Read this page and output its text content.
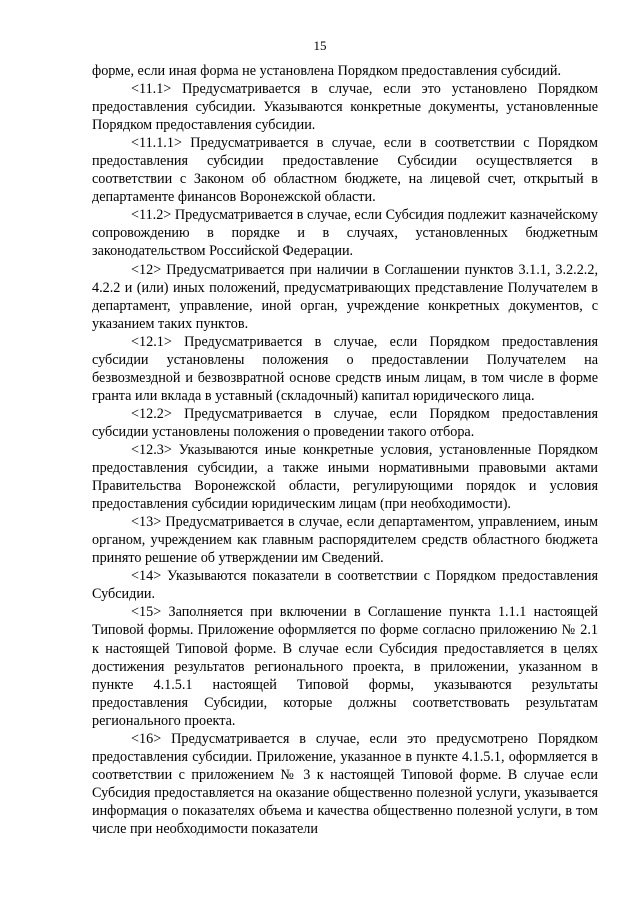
15

форме, если иная форма не установлена Порядком предоставления субсидий.

<11.1> Предусматривается в случае, если это установлено Порядком предоставления субсидии. Указываются конкретные документы, установленные Порядком предоставления субсидии.

<11.1.1> Предусматривается в случае, если в соответствии с Порядком предоставления субсидии предоставление Субсидии осуществляется в соответствии с Законом об областном бюджете, на лицевой счет, открытый в департаменте финансов Воронежской области.

<11.2> Предусматривается в случае, если Субсидия подлежит казначейскому сопровождению в порядке и в случаях, установленных бюджетным законодательством Российской Федерации.

<12> Предусматривается при наличии в Соглашении пунктов 3.1.1, 3.2.2.2, 4.2.2 и (или) иных положений, предусматривающих представление Получателем в департамент, управление, иной орган, учреждение конкретных документов, с указанием таких пунктов.

<12.1> Предусматривается в случае, если Порядком предоставления субсидии установлены положения о предоставлении Получателем на безвозмездной и безвозвратной основе средств иным лицам, в том числе в форме гранта или вклада в уставный (складочный) капитал юридического лица.

<12.2> Предусматривается в случае, если Порядком предоставления субсидии установлены положения о проведении такого отбора.

<12.3> Указываются иные конкретные условия, установленные Порядком предоставления субсидии, а также иными нормативными правовыми актами Правительства Воронежской области, регулирующими порядок и условия предоставления субсидии юридическим лицам (при необходимости).

<13> Предусматривается в случае, если департаментом, управлением, иным органом, учреждением как главным распорядителем средств областного бюджета принято решение об утверждении им Сведений.

<14> Указываются показатели в соответствии с Порядком предоставления Субсидии.

<15> Заполняется при включении в Соглашение пункта 1.1.1 настоящей Типовой формы. Приложение оформляется по форме согласно приложению № 2.1 к настоящей Типовой форме. В случае если Субсидия предоставляется в целях достижения результатов регионального проекта, в приложении, указанном в пункте 4.1.5.1 настоящей Типовой формы, указываются результаты предоставления Субсидии, которые должны соответствовать результатам регионального проекта.

<16> Предусматривается в случае, если это предусмотрено Порядком предоставления субсидии. Приложение, указанное в пункте 4.1.5.1, оформляется в соответствии с приложением № 3 к настоящей Типовой форме. В случае если Субсидия предоставляется на оказание общественно полезной услуги, указывается информация о показателях объема и качества общественно полезной услуги, в том числе при необходимости показатели
